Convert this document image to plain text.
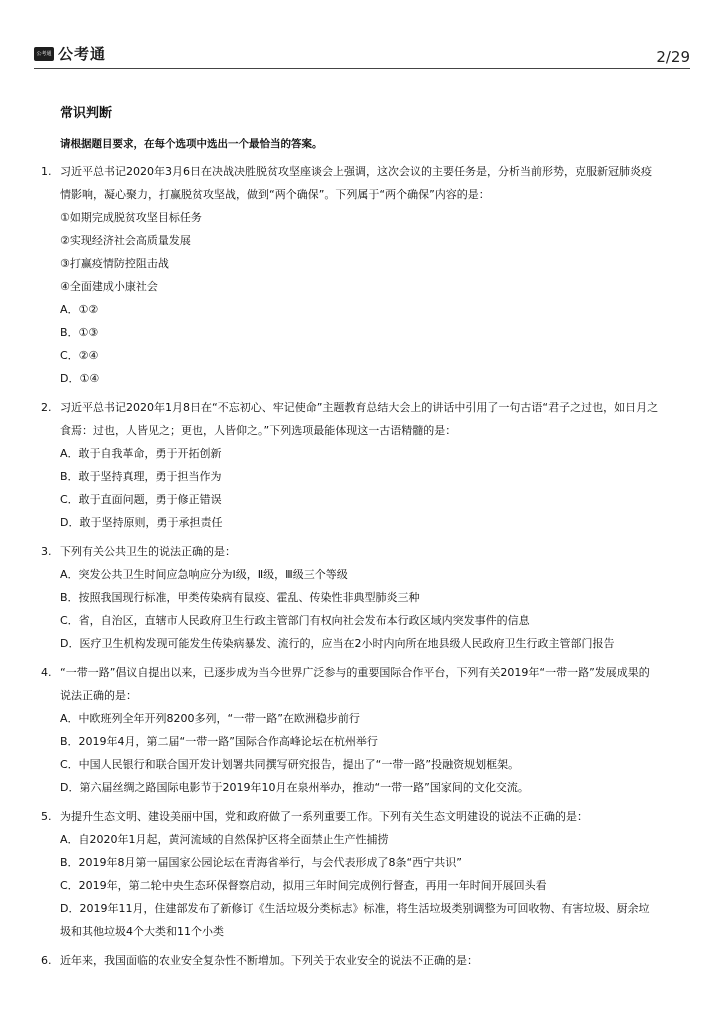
公考通 公考通	2/29
常识判断
请根据题目要求，在每个选项中选出一个最恰当的答案。
1. 习近平总书记2020年3月6日在决战决胜脱贫攻坚座谈会上强调，这次会议的主要任务是，分析当前形势，克服新冠肺炎疫
情影响，凝心聚力，打赢脱贫攻坚战，做到“两个确保”。下列属于“两个确保”内容的是：
①如期完成脱贫攻坚目标任务
②实现经济社会高质量发展
③打赢疫情防控阻击战
④全面建成小康社会
A．①②
B．①③
C．②④
D．①④
2. 习近平总书记2020年1月8日在“不忘初心、牢记使命”主题教育总结大会上的讲话中引用了一句古语“君子之过也，如日月之
食焉：过也，人皆见之；更也，人皆仰之。”下列选项最能体现这一古语精髓的是：
A．敢于自我革命，勇于开拓创新
B．敢于坚持真理，勇于担当作为
C．敢于直面问题，勇于修正错误
D．敢于坚持原则，勇于承担责任
3. 下列有关公共卫生的说法正确的是：
A．突发公共卫生时间应急响应分为Ⅰ级，Ⅱ级，Ⅲ级三个等级
B．按照我国现行标准，甲类传染病有鼠疫、霍乱、传染性非典型肺炎三种
C．省，自治区，直辖市人民政府卫生行政主管部门有权向社会发布本行政区域内突发事件的信息
D．医疗卫生机构发现可能发生传染病暴发、流行的，应当在2小时内向所在地县级人民政府卫生行政主管部门报告
4. “一带一路”倡议自提出以来，已逐步成为当今世界广泛参与的重要国际合作平台，下列有关2019年“一带一路”发展成果的
说法正确的是：
A．中欧班列全年开列8200多列，“一带一路”在欧洲稳步前行
B．2019年4月，第二届“一带一路”国际合作高峰论坛在杭州举行
C．中国人民银行和联合国开发计划署共同撰写研究报告，提出了“一带一路”投融资规划框架。
D．第六届丝绸之路国际电影节于2019年10月在泉州举办，推动“一带一路”国家间的文化交流。
5. 为提升生态文明、建设美丽中国，党和政府做了一系列重要工作。下列有关生态文明建设的说法不正确的是：
A．自2020年1月起，黄河流域的自然保护区将全面禁止生产性捕捞
B．2019年8月第一届国家公园论坛在青海省举行，与会代表形成了8条“西宁共识”
C．2019年，第二轮中央生态环保督察启动，拟用三年时间完成例行督查，再用一年时间开展回头看
D．2019年11月，住建部发布了新修订《生活垃圾分类标志》标准，将生活垃圾类别调整为可回收物、有害垃圾、厨余垃
圾和其他垃圾4个大类和11个小类
6. 近年来，我国面临的农业安全复杂性不断增加。下列关于农业安全的说法不正确的是：
